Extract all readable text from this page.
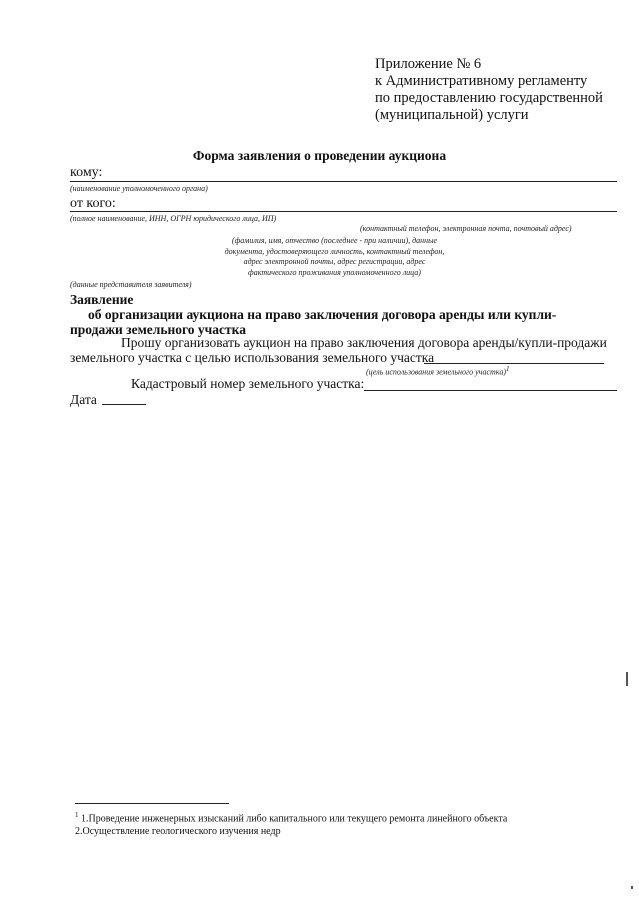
Приложение № 6
к Административному регламенту
по предоставлению государственной
(муниципальной) услуги
Форма заявления о проведении аукциона
кому:
(наименование уполномоченного органа)
от кого:
(полное наименование, ИНН, ОГРН юридического лица, ИП)
(контактный телефон, электронная почта, почтовый адрес)
(фамилия, имя, отчество (последнее - при наличии), данные
документа, удостоверяющего личность, контактный телефон,
адрес электронной почты, адрес регистрации, адрес
фактического проживания уполномоченного лица)
(данные представителя заявителя)
Заявление
об организации аукциона на право заключения договора аренды или купли-
продажи земельного участка
Прошу организовать аукцион на право заключения договора аренды/купли-продажи
земельного участка с целью использования земельного участка
(цель использования земельного участка)$^1$
Кадастровый номер земельного участка:
Дата
$^1$ 1.Проведение инженерных изысканий либо капитального или текущего ремонта линейного объекта
2.Осуществление геологического изучения недр
